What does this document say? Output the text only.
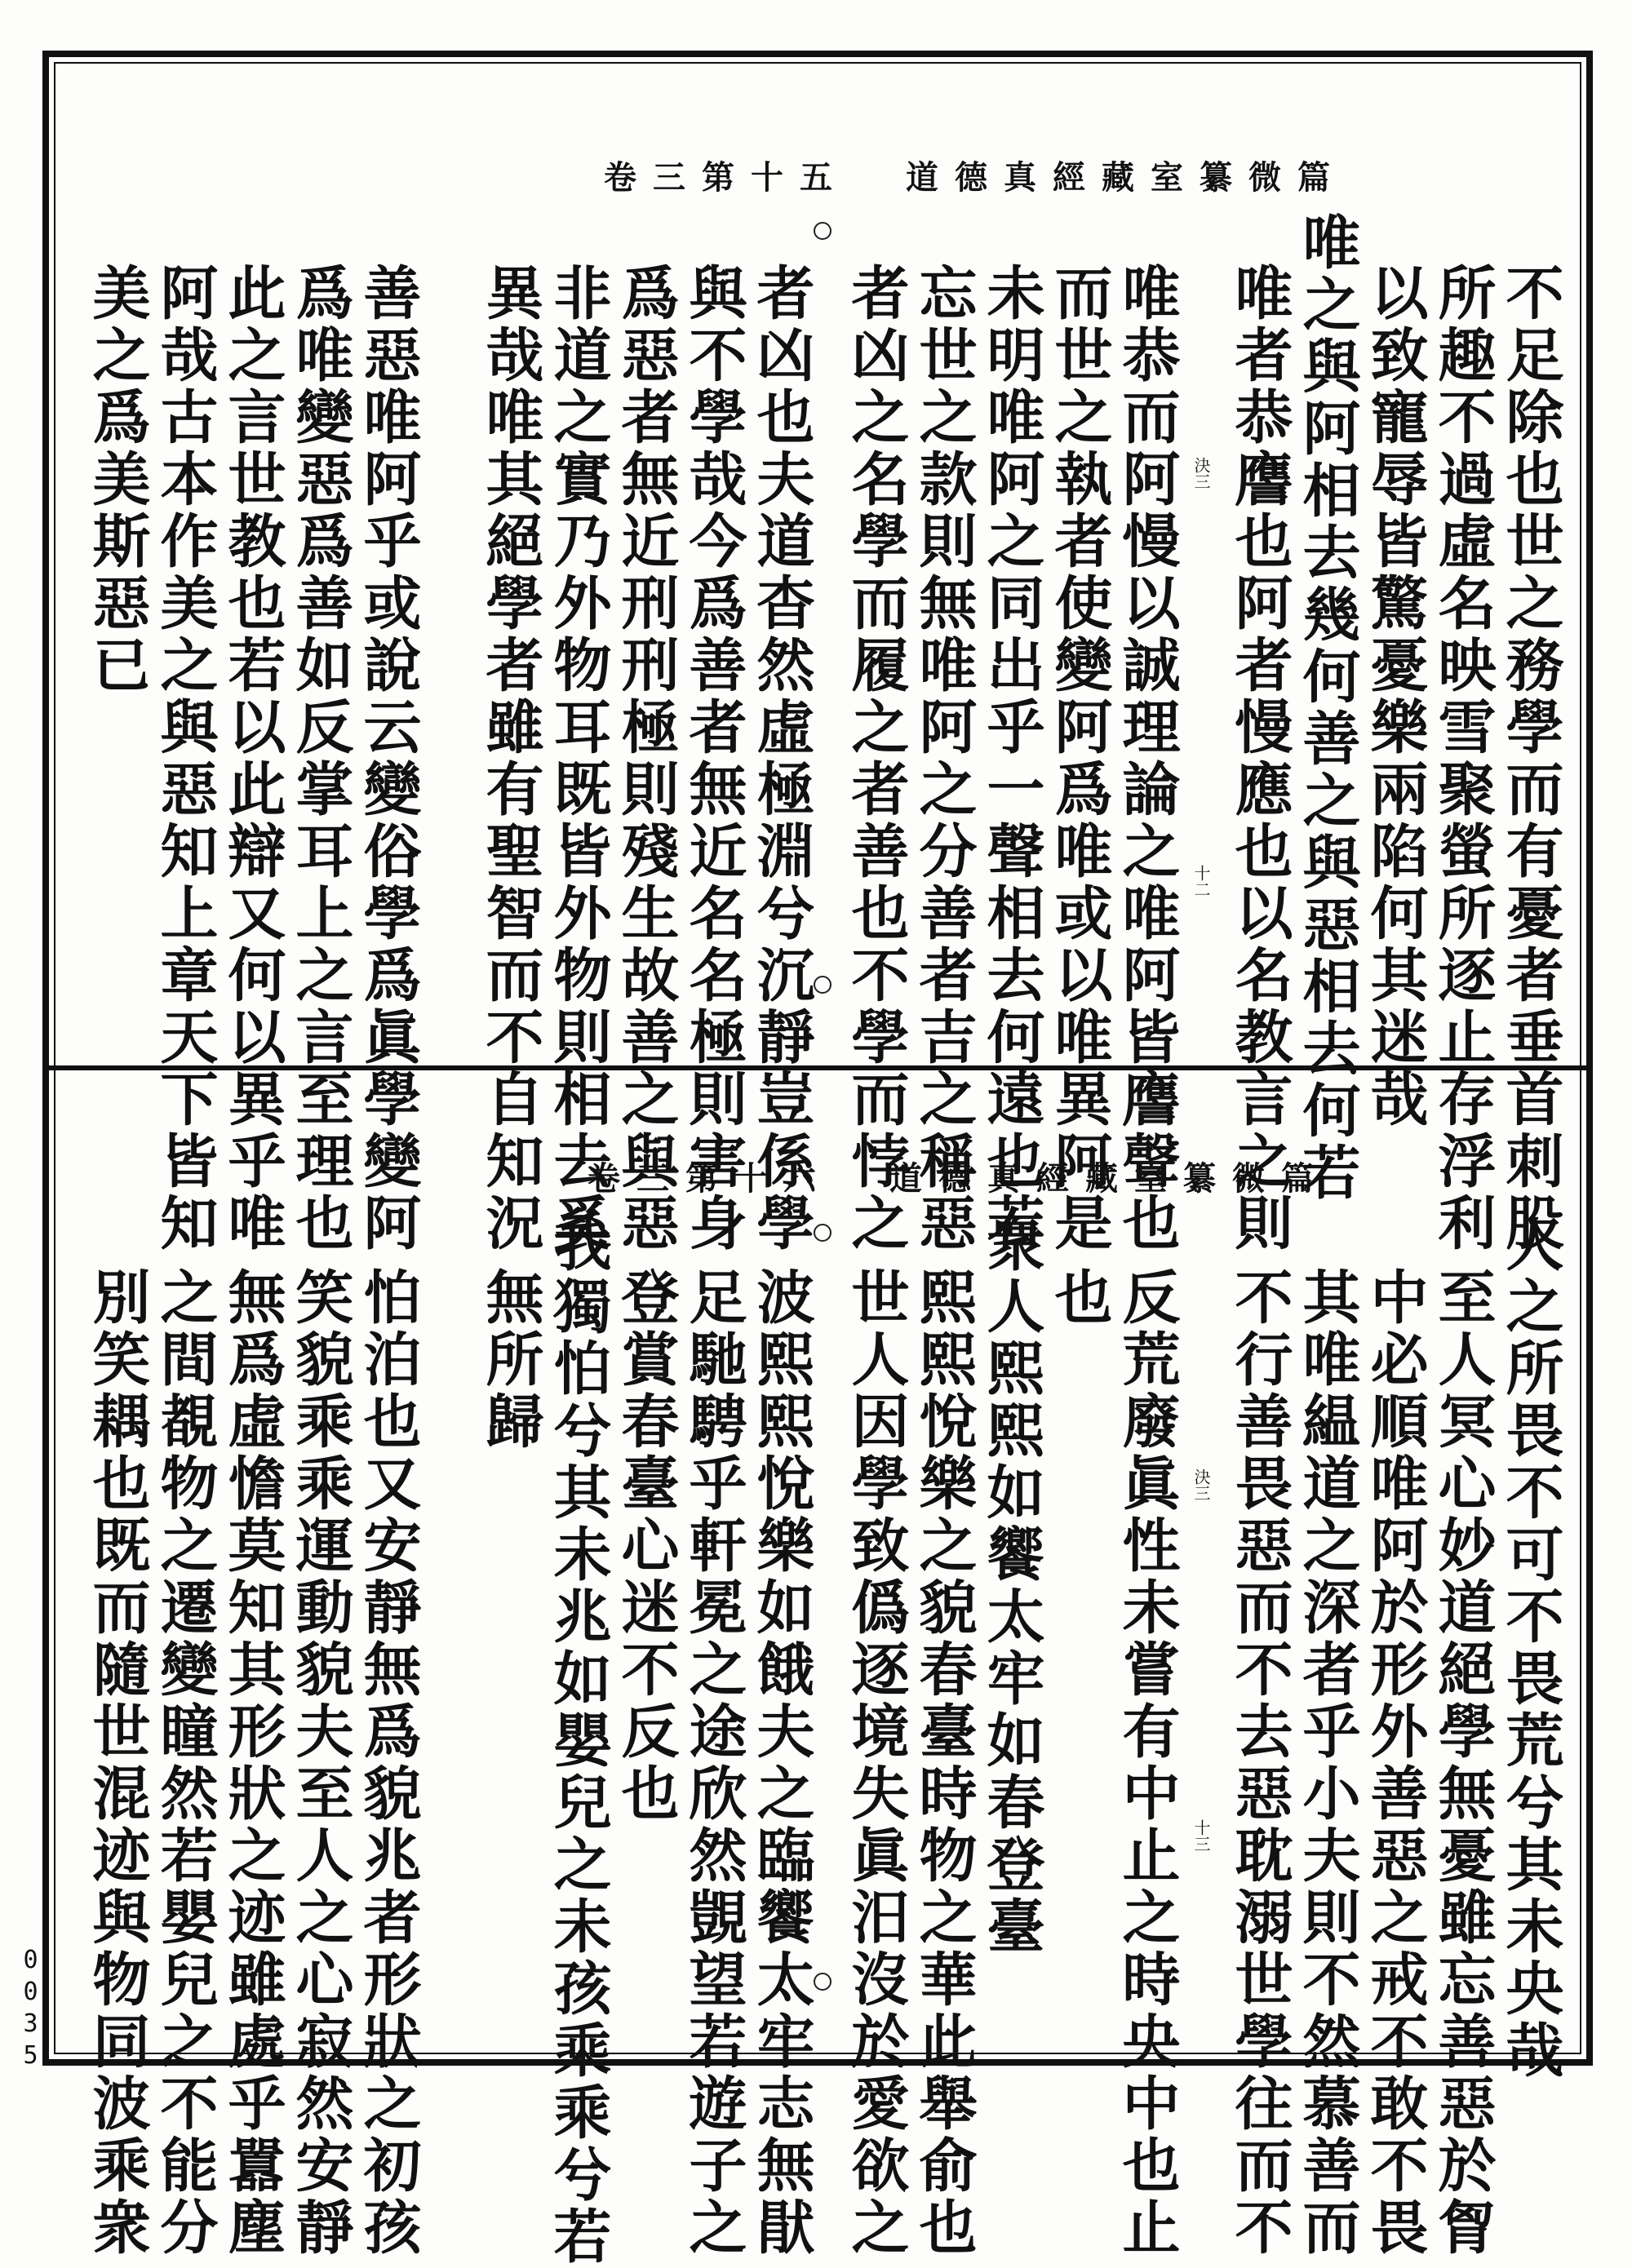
卷三第十五 道德真經藏室纂微篇
卷三第十六 道德真經藏室纂微篇	不足除也世之務學而有憂者垂首刺股
所趣不過虛名映雪聚螢所逐止存浮利
以致寵辱皆驚憂樂兩陷何其迷哉
唯之與阿相去幾何善之與惡相去何若
唯者恭譍也阿者慢應也以名教言之則
唯恭而阿慢以誠理論之唯阿皆譍聲也
而世之執者使變阿爲唯或以唯異阿是
未明唯阿之同出乎一聲相去何遠也若
忘世之款則無唯阿之分善者吉之稱惡
者凶之名學而履之者善也不學而悖之
者凶也夫道杳然虛極淵兮沉靜豈係學
與不學哉今爲善者無近名名極則害身
爲惡者無近刑刑極則殘生故善之與惡
非道之實乃外物耳既皆外物則相去奚
異哉唯其絕學者雖有聖智而不自知況
善惡唯阿乎或說云變俗學爲眞學變阿
爲唯變惡爲善如反掌耳上之言至理也
此之言世教也若以此辯又何以異乎唯
阿哉古本作美之與惡知上章天下皆知
美之爲美斯惡已	決三
十二
人之所畏不可不畏荒兮其未央哉
至人冥心妙道絕學無憂雖忘善惡於胷
中必順唯阿於形外善惡之戒不敢不畏
其唯緼道之深者乎小夫則不然慕善而
不行善畏惡而不去惡耽溺世學往而不
反荒廢眞性未嘗有中止之時央中也止
也
衆人熙熙如饗太牢如春登臺
熙熙悅樂之貌春臺時物之華此舉俞也
世人因學致僞逐境失眞汨沒於愛欲之
波熙熙悅樂如餓夫之臨饗太牢志無猒
足馳騁乎軒冕之途欣然覬望若遊子之
登賞春臺心迷不反也
我獨怕兮其未兆如嬰兒之未孩乘乘兮若
無所歸
怕泊也又安靜無爲貌兆者形狀之初孩
笑貌乘乘運動貌夫至人之心寂然安靜
無爲虛憺莫知其形狀之迹雖處乎囂塵
之間覩物之遷變瞳然若嬰兒之不能分
別笑耦也既而隨世混迹與物同波乘衆	決三
十三
0035
